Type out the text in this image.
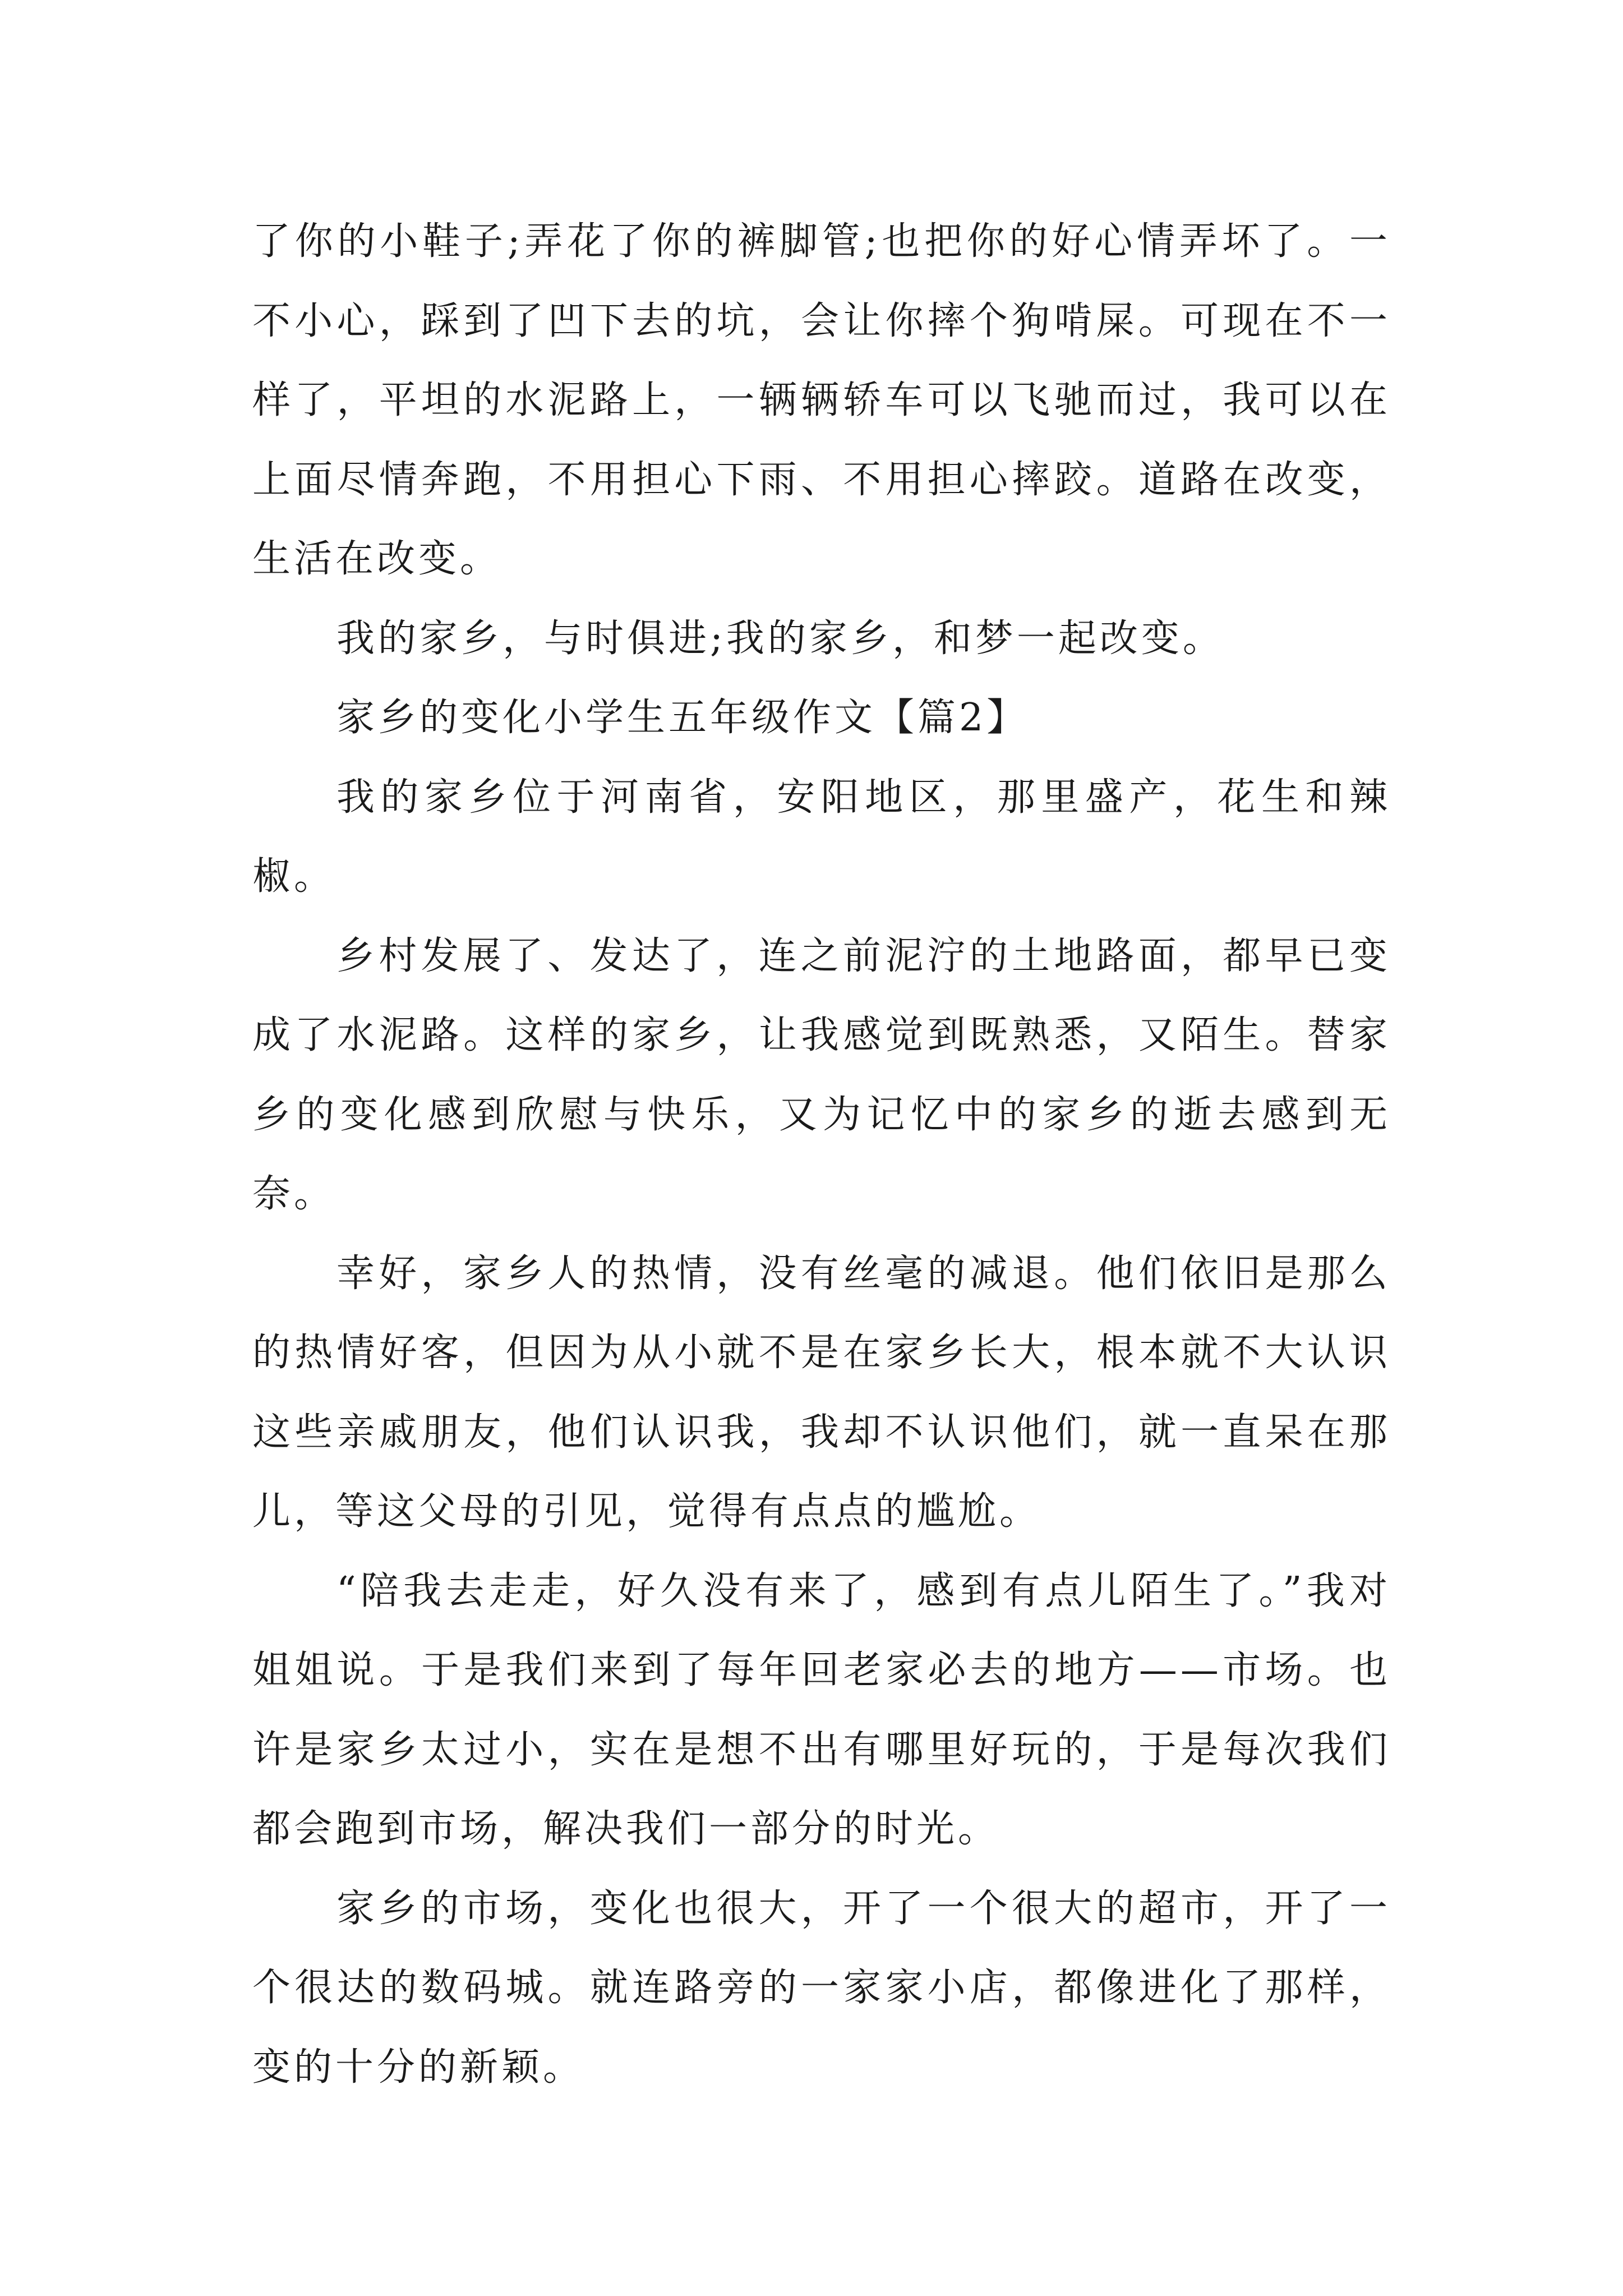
了你的小鞋子;弄花了你的裤脚管;也把你的好心情弄坏了。一不小心，踩到了凹下去的坑，会让你摔个狗啃屎。可现在不一样了，平坦的水泥路上，一辆辆轿车可以飞驰而过，我可以在上面尽情奔跑，不用担心下雨、不用担心摔跤。道路在改变，生活在改变。

我的家乡，与时俱进;我的家乡，和梦一起改变。

家乡的变化小学生五年级作文【篇2】

我的家乡位于河南省，安阳地区，那里盛产，花生和辣椒。

乡村发展了、发达了，连之前泥泞的土地路面，都早已变成了水泥路。这样的家乡，让我感觉到既熟悉，又陌生。替家乡的变化感到欣慰与快乐，又为记忆中的家乡的逝去感到无奈。

幸好，家乡人的热情，没有丝毫的减退。他们依旧是那么的热情好客，但因为从小就不是在家乡长大，根本就不大认识这些亲戚朋友，他们认识我，我却不认识他们，就一直呆在那儿，等这父母的引见，觉得有点点的尴尬。

“陪我去走走，好久没有来了，感到有点儿陌生了。”我对姐姐说。于是我们来到了每年回老家必去的地方——市场。也许是家乡太过小，实在是想不出有哪里好玩的，于是每次我们都会跑到市场，解决我们一部分的时光。

家乡的市场，变化也很大，开了一个很大的超市，开了一个很达的数码城。就连路旁的一家家小店，都像进化了那样，变的十分的新颖。
